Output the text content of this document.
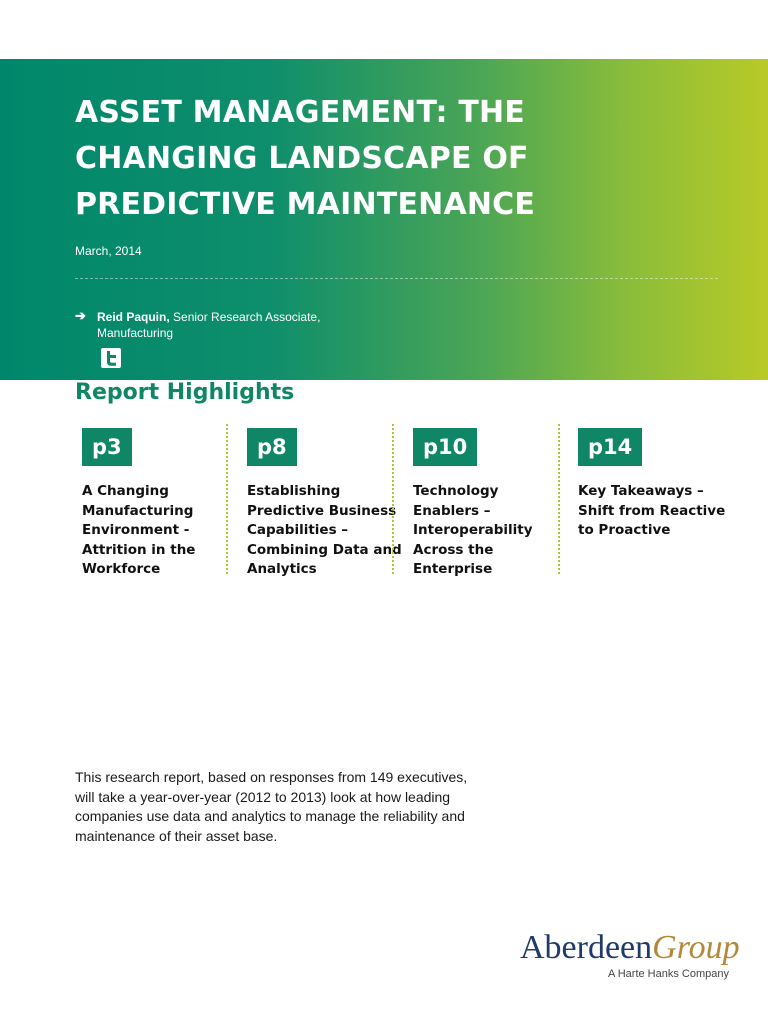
ASSET MANAGEMENT: THE CHANGING LANDSCAPE OF PREDICTIVE MAINTENANCE
March, 2014
➔ Reid Paquin, Senior Research Associate, Manufacturing
Report Highlights
p3
A Changing Manufacturing Environment - Attrition in the Workforce
p8
Establishing Predictive Business Capabilities – Combining Data and Analytics
p10
Technology Enablers – Interoperability Across the Enterprise
p14
Key Takeaways – Shift from Reactive to Proactive

This research report, based on responses from 149 executives, will take a year-over-year (2012 to 2013) look at how leading companies use data and analytics to manage the reliability and maintenance of their asset base.

AberdeenGroup
A Harte Hanks Company
